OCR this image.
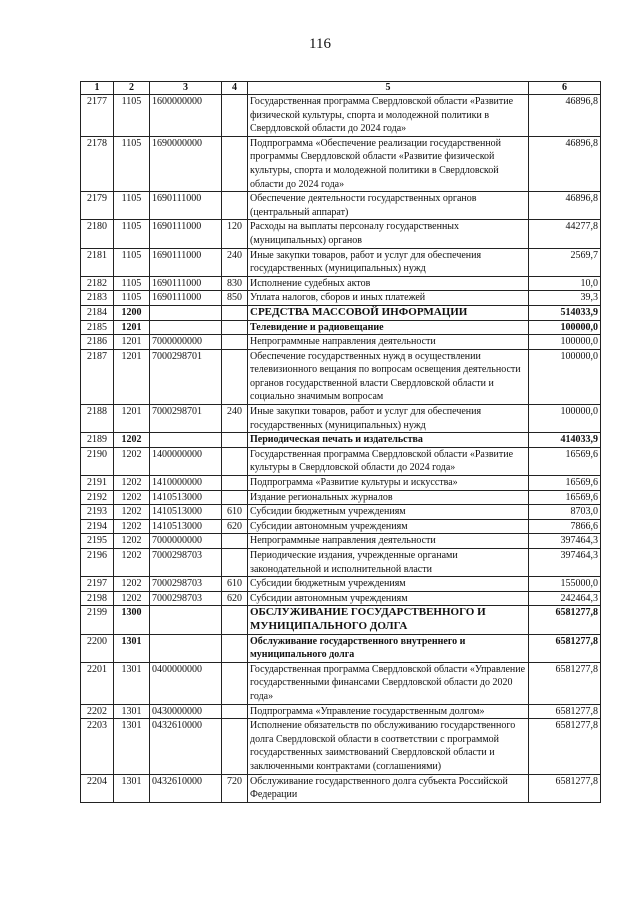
116
1	2	3	4	5	6
2177	1105	1600000000		Государственная программа Свердловской области «Развитие физической культуры, спорта и молодежной политики в Свердловской области до 2024 года»	46896,8
2178	1105	1690000000		Подпрограмма «Обеспечение реализации государственной программы Свердловской области «Развитие физической культуры, спорта и молодежной политики в Свердловской области до 2024 года»	46896,8
2179	1105	1690111000		Обеспечение деятельности государственных органов (центральный аппарат)	46896,8
2180	1105	1690111000	120	Расходы на выплаты персоналу государственных (муниципальных) органов	44277,8
2181	1105	1690111000	240	Иные закупки товаров, работ и услуг для обеспечения государственных (муниципальных) нужд	2569,7
2182	1105	1690111000	830	Исполнение судебных актов	10,0
2183	1105	1690111000	850	Уплата налогов, сборов и иных платежей	39,3
2184	1200			СРЕДСТВА МАССОВОЙ ИНФОРМАЦИИ	514033,9
2185	1201			Телевидение и радиовещание	100000,0
2186	1201	7000000000		Непрограммные направления деятельности	100000,0
2187	1201	7000298701		Обеспечение государственных нужд в осуществлении телевизионного вещания по вопросам освещения деятельности органов государственной власти Свердловской области и социально значимым вопросам	100000,0
2188	1201	7000298701	240	Иные закупки товаров, работ и услуг для обеспечения государственных (муниципальных) нужд	100000,0
2189	1202			Периодическая печать и издательства	414033,9
2190	1202	1400000000		Государственная программа Свердловской области «Развитие культуры в Свердловской области до 2024 года»	16569,6
2191	1202	1410000000		Подпрограмма «Развитие культуры и искусства»	16569,6
2192	1202	1410513000		Издание региональных журналов	16569,6
2193	1202	1410513000	610	Субсидии бюджетным учреждениям	8703,0
2194	1202	1410513000	620	Субсидии автономным учреждениям	7866,6
2195	1202	7000000000		Непрограммные направления деятельности	397464,3
2196	1202	7000298703		Периодические издания, учрежденные органами законодательной и исполнительной власти	397464,3
2197	1202	7000298703	610	Субсидии бюджетным учреждениям	155000,0
2198	1202	7000298703	620	Субсидии автономным учреждениям	242464,3
2199	1300			ОБСЛУЖИВАНИЕ ГОСУДАРСТВЕННОГО И МУНИЦИПАЛЬНОГО ДОЛГА	6581277,8
2200	1301			Обслуживание государственного внутреннего и муниципального долга	6581277,8
2201	1301	0400000000		Государственная программа Свердловской области «Управление государственными финансами Свердловской области до 2020 года»	6581277,8
2202	1301	0430000000		Подпрограмма «Управление государственным долгом»	6581277,8
2203	1301	0432610000		Исполнение обязательств по обслуживанию государственного долга Свердловской области в соответствии с программой государственных заимствований Свердловской области и заключенными контрактами (соглашениями)	6581277,8
2204	1301	0432610000	720	Обслуживание государственного долга субъекта Российской Федерации	6581277,8
